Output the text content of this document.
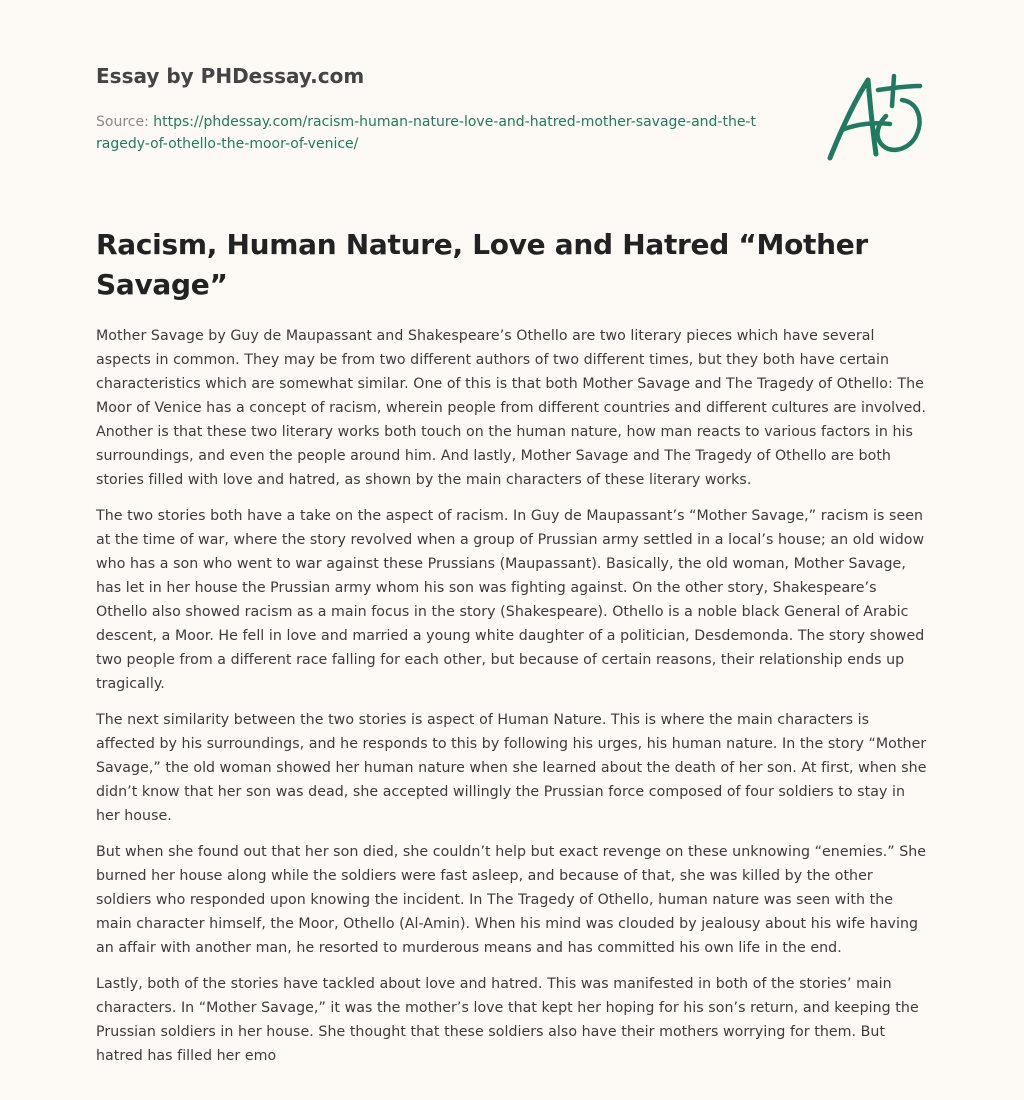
Essay by PHDessay.com
Source: https://phdessay.com/racism-human-nature-love-and-hatred-mother-savage-and-the-tragedy-of-othello-the-moor-of-venice/
Racism, Human Nature, Love and Hatred “Mother Savage”

Mother Savage by Guy de Maupassant and Shakespeare’s Othello are two literary pieces which have several aspects in common. They may be from two different authors of two different times, but they both have certain characteristics which are somewhat similar. One of this is that both Mother Savage and The Tragedy of Othello: The Moor of Venice has a concept of racism, wherein people from different countries and different cultures are involved. Another is that these two literary works both touch on the human nature, how man reacts to various factors in his surroundings, and even the people around him. And lastly, Mother Savage and The Tragedy of Othello are both stories filled with love and hatred, as shown by the main characters of these literary works.

The two stories both have a take on the aspect of racism. In Guy de Maupassant’s “Mother Savage,” racism is seen at the time of war, where the story revolved when a group of Prussian army settled in a local’s house; an old widow who has a son who went to war against these Prussians (Maupassant). Basically, the old woman, Mother Savage, has let in her house the Prussian army whom his son was fighting against. On the other story, Shakespeare’s Othello also showed racism as a main focus in the story (Shakespeare). Othello is a noble black General of Arabic descent, a Moor. He fell in love and married a young white daughter of a politician, Desdemonda. The story showed two people from a different race falling for each other, but because of certain reasons, their relationship ends up tragically.

The next similarity between the two stories is aspect of Human Nature. This is where the main characters is affected by his surroundings, and he responds to this by following his urges, his human nature. In the story “Mother Savage,” the old woman showed her human nature when she learned about the death of her son. At first, when she didn’t know that her son was dead, she accepted willingly the Prussian force composed of four soldiers to stay in her house.

But when she found out that her son died, she couldn’t help but exact revenge on these unknowing “enemies.” She burned her house along while the soldiers were fast asleep, and because of that, she was killed by the other soldiers who responded upon knowing the incident. In The Tragedy of Othello, human nature was seen with the main character himself, the Moor, Othello (Al-Amin). When his mind was clouded by jealousy about his wife having an affair with another man, he resorted to murderous means and has committed his own life in the end.

Lastly, both of the stories have tackled about love and hatred. This was manifested in both of the stories’ main characters. In “Mother Savage,” it was the mother’s love that kept her hoping for his son’s return, and keeping the Prussian soldiers in her house. She thought that these soldiers also have their mothers worrying for them. But hatred has filled her emo
